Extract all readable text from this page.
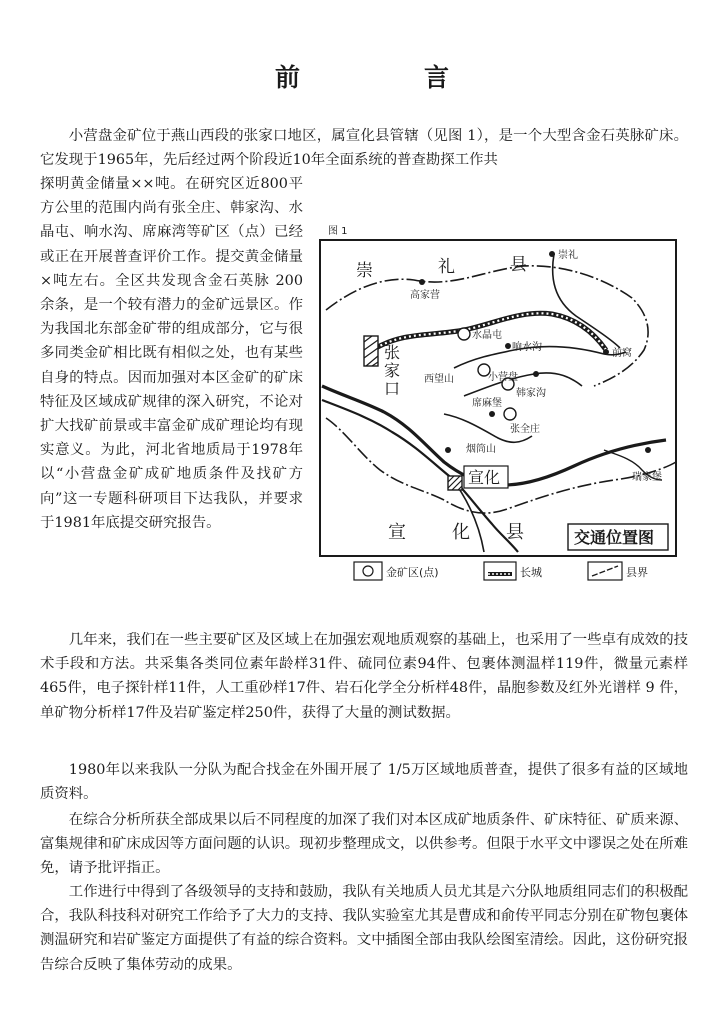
前	言

小营盘金矿位于燕山西段的张家口地区，属宣化县管辖（见图 1），是一个大型含金石英脉矿床。它发现于1965年，先后经过两个阶段近10年全面系统的普查勘探工作共

探明黄金储量××吨。在研究区近800平方公里的范围内尚有张全庄、韩家沟、水晶屯、响水沟、席麻湾等矿区（点）已经或正在开展普查评价工作。提交黄金储量×吨左右。全区共发现含金石英脉 200 余条，是一个较有潜力的金矿远景区。作为我国北东部金矿带的组成部分，它与很多同类金矿相比既有相似之处，也有某些自身的特点。因而加强对本区金矿的矿床特征及区域成矿规律的深入研究，不论对扩大找矿前景或丰富金矿成矿理论均有现实意义。为此，河北省地质局于1978年以“小营盘金矿成矿地质条件及找矿方向”这一专题科研项目下达我队，并要求于1981年底提交研究报告。

图 1
崇	礼	县
宣	化 县
张
家
口
宣化
崇礼
高家营
水晶屯
响水沟
前窝
西望山	小营盘
韩家沟
席麻堡
张全庄
烟筒山
瑞家堡
交通位置图
金矿区(点)	长城	县界

几年来，我们在一些主要矿区及区域上在加强宏观地质观察的基础上，也采用了一些卓有成效的技术手段和方法。共采集各类同位素年龄样31件、硫同位素94件、包裹体测温样119件，微量元素样465件，电子探针样11件，人工重砂样17件、岩石化学全分析样48件，晶胞参数及红外光谱样 9 件，单矿物分析样17件及岩矿鉴定样250件，获得了大量的测试数据。

1980年以来我队一分队为配合找金在外围开展了 1/5万区域地质普查，提供了很多有益的区域地质资料。

在综合分析所获全部成果以后不同程度的加深了我们对本区成矿地质条件、矿床特征、矿质来源、富集规律和矿床成因等方面问题的认识。现初步整理成文，以供参考。但限于水平文中谬误之处在所难免，请予批评指正。

工作进行中得到了各级领导的支持和鼓励，我队有关地质人员尤其是六分队地质组同志们的积极配合，我队科技科对研究工作给予了大力的支持、我队实验室尤其是曹成和俞传平同志分别在矿物包裹体测温研究和岩矿鉴定方面提供了有益的综合资料。文中插图全部由我队绘图室清绘。因此，这份研究报告综合反映了集体劳动的成果。
